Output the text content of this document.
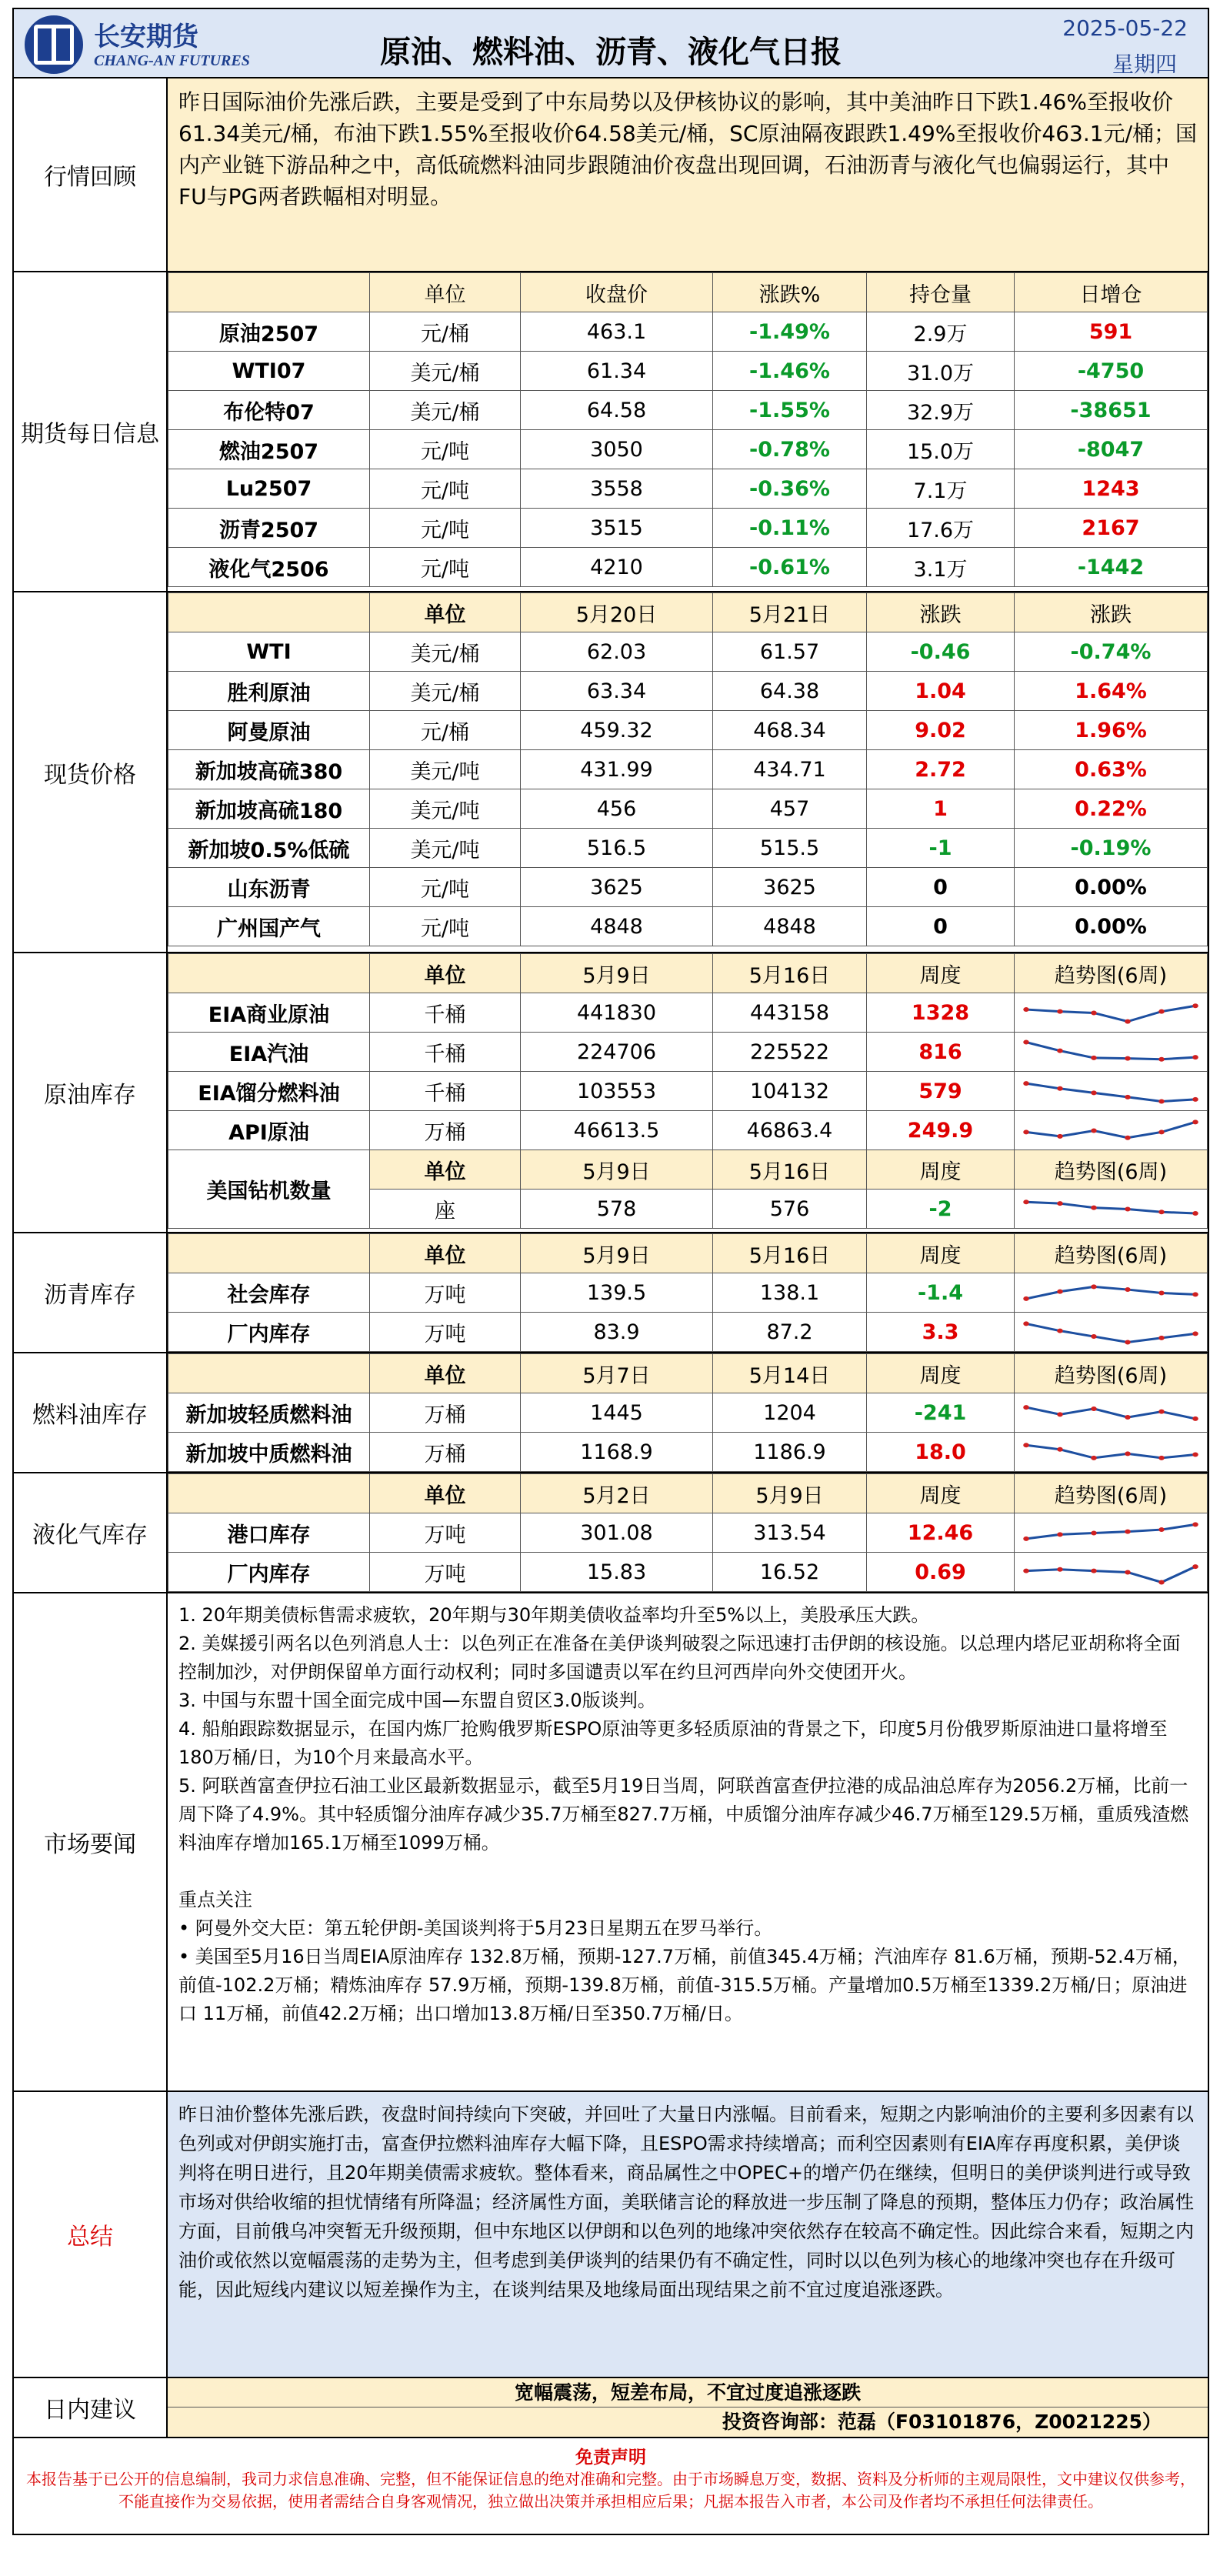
长安期货
CHANG-AN FUTURES	原油、燃料油、沥青、液化气日报
2025-05-22
星期四
行情回顾
昨日国际油价先涨后跌，主要是受到了中东局势以及伊核协议的影响，其中美油昨日下跌1.46%至报收价61.34美元/桶，布油下跌1.55%至报收价64.58美元/桶，SC原油隔夜跟跌1.49%至报收价463.1元/桶；国内产业链下游品种之中，高低硫燃料油同步跟随油价夜盘出现回调，石油沥青与液化气也偏弱运行，其中FU与PG两者跌幅相对明显。
期货每日信息
	单位	收盘价	涨跌%	持仓量	日增仓
原油2507	元/桶	463.1	-1.49%	2.9万	591
WTI07	美元/桶	61.34	-1.46%	31.0万	-4750
布伦特07	美元/桶	64.58	-1.55%	32.9万	-38651
燃油2507	元/吨	3050	-0.78%	15.0万	-8047
Lu2507	元/吨	3558	-0.36%	7.1万	1243
沥青2507	元/吨	3515	-0.11%	17.6万	2167
液化气2506	元/吨	4210	-0.61%	3.1万	-1442
现货价格
	单位	5月20日	5月21日	涨跌	涨跌
WTI	美元/桶	62.03	61.57	-0.46	-0.74%
胜利原油	美元/桶	63.34	64.38	1.04	1.64%
阿曼原油	元/桶	459.32	468.34	9.02	1.96%
新加坡高硫380	美元/吨	431.99	434.71	2.72	0.63%
新加坡高硫180	美元/吨	456	457	1	0.22%
新加坡0.5%低硫	美元/吨	516.5	515.5	-1	-0.19%
山东沥青	元/吨	3625	3625	0	0.00%
广州国产气	元/吨	4848	4848	0	0.00%
原油库存
	单位	5月9日	5月16日	周度	趋势图(6周)
EIA商业原油	千桶	441830	443158	1328	

EIA汽油	千桶	224706	225522	816	

EIA馏分燃料油	千桶	103553	104132	579	

API原油	万桶	46613.5	46863.4	249.9	

美国钻机数量	单位	5月9日	5月16日	周度	趋势图(6周)
	座	578	576	-2	
沥青库存
	单位	5月9日	5月16日	周度	趋势图(6周)
社会库存	万吨	139.5	138.1	-1.4	

厂内库存	万吨	83.9	87.2	3.3	
燃料油库存
	单位	5月7日	5月14日	周度	趋势图(6周)
新加坡轻质燃料油	万桶	1445	1204	-241	

新加坡中质燃料油	万桶	1168.9	1186.9	18.0	
液化气库存
	单位	5月2日	5月9日	周度	趋势图(6周)
港口库存	万吨	301.08	313.54	12.46	

厂内库存	万吨	15.83	16.52	0.69	
市场要闻

1. 20年期美债标售需求疲软，20年期与30年期美债收益率均升至5%以上，美股承压大跌。

2. 美媒援引两名以色列消息人士：以色列正在准备在美伊谈判破裂之际迅速打击伊朗的核设施。以总理内塔尼亚胡称将全面控制加沙，对伊朗保留单方面行动权利；同时多国谴责以军在约旦河西岸向外交使团开火。

3. 中国与东盟十国全面完成中国—东盟自贸区3.0版谈判。

4. 船舶跟踪数据显示，在国内炼厂抢购俄罗斯ESPO原油等更多轻质原油的背景之下，印度5月份俄罗斯原油进口量将增至180万桶/日，为10个月来最高水平。

5. 阿联酋富查伊拉石油工业区最新数据显示，截至5月19日当周，阿联酋富查伊拉港的成品油总库存为2056.2万桶，比前一周下降了4.9%。其中轻质馏分油库存减少35.7万桶至827.7万桶，中质馏分油库存减少46.7万桶至129.5万桶，重质残渣燃料油库存增加165.1万桶至1099万桶。

重点关注

• 阿曼外交大臣：第五轮伊朗-美国谈判将于5月23日星期五在罗马举行。

• 美国至5月16日当周EIA原油库存 132.8万桶，预期-127.7万桶，前值345.4万桶；汽油库存 81.6万桶，预期-52.4万桶，前值-102.2万桶；精炼油库存 57.9万桶，预期-139.8万桶，前值-315.5万桶。产量增加0.5万桶至1339.2万桶/日；原油进口 11万桶，前值42.2万桶；出口增加13.8万桶/日至350.7万桶/日。

总结
昨日油价整体先涨后跌，夜盘时间持续向下突破，并回吐了大量日内涨幅。目前看来，短期之内影响油价的主要利多因素有以色列或对伊朗实施打击，富查伊拉燃料油库存大幅下降，且ESPO需求持续增高；而利空因素则有EIA库存再度积累，美伊谈判将在明日进行，且20年期美债需求疲软。整体看来，商品属性之中OPEC+的增产仍在继续，但明日的美伊谈判进行或导致市场对供给收缩的担忧情绪有所降温；经济属性方面，美联储言论的释放进一步压制了降息的预期，整体压力仍存；政治属性方面，目前俄乌冲突暂无升级预期，但中东地区以伊朗和以色列的地缘冲突依然存在较高不确定性。因此综合来看，短期之内油价或依然以宽幅震荡的走势为主，但考虑到美伊谈判的结果仍有不确定性，同时以以色列为核心的地缘冲突也存在升级可能，因此短线内建议以短差操作为主，在谈判结果及地缘局面出现结果之前不宜过度追涨逐跌。
日内建议
宽幅震荡，短差布局，不宜过度追涨逐跌
投资咨询部：范磊（F03101876，Z0021225）
免责声明
本报告基于已公开的信息编制，我司力求信息准确、完整，但不能保证信息的绝对准确和完整。由于市场瞬息万变，数据、资料及分析师的主观局限性，文中建议仅供参考，不能直接作为交易依据，使用者需结合自身客观情况，独立做出决策并承担相应后果；凡据本报告入市者，本公司及作者均不承担任何法律责任。
